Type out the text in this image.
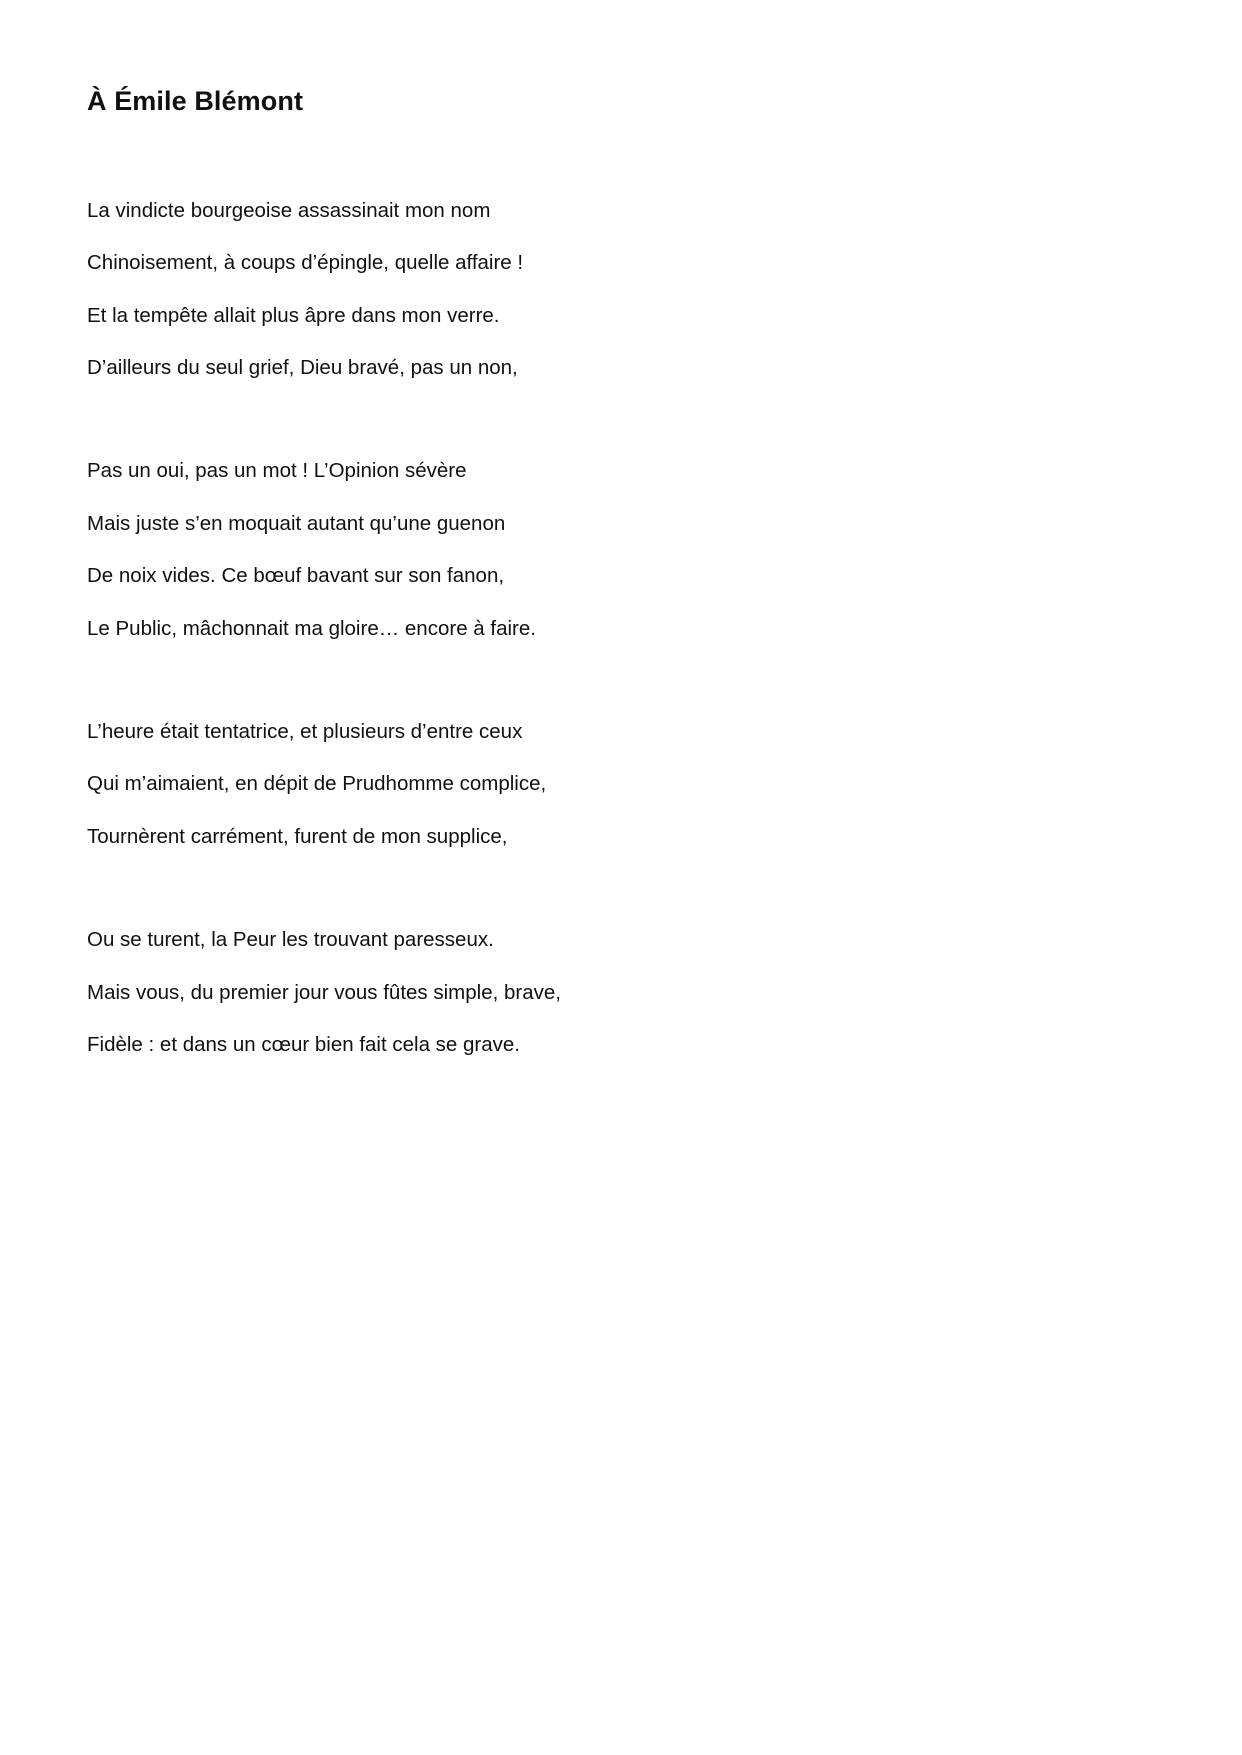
À Émile Blémont

La vindicte bourgeoise assassinait mon nom

Chinoisement, à coups d’épingle, quelle affaire !

Et la tempête allait plus âpre dans mon verre.

D’ailleurs du seul grief, Dieu bravé, pas un non,

Pas un oui, pas un mot ! L’Opinion sévère

Mais juste s’en moquait autant qu’une guenon

De noix vides. Ce bœuf bavant sur son fanon,

Le Public, mâchonnait ma gloire… encore à faire.

L’heure était tentatrice, et plusieurs d’entre ceux

Qui m’aimaient, en dépit de Prudhomme complice,

Tournèrent carrément, furent de mon supplice,

Ou se turent, la Peur les trouvant paresseux.

Mais vous, du premier jour vous fûtes simple, brave,

Fidèle : et dans un cœur bien fait cela se grave.
